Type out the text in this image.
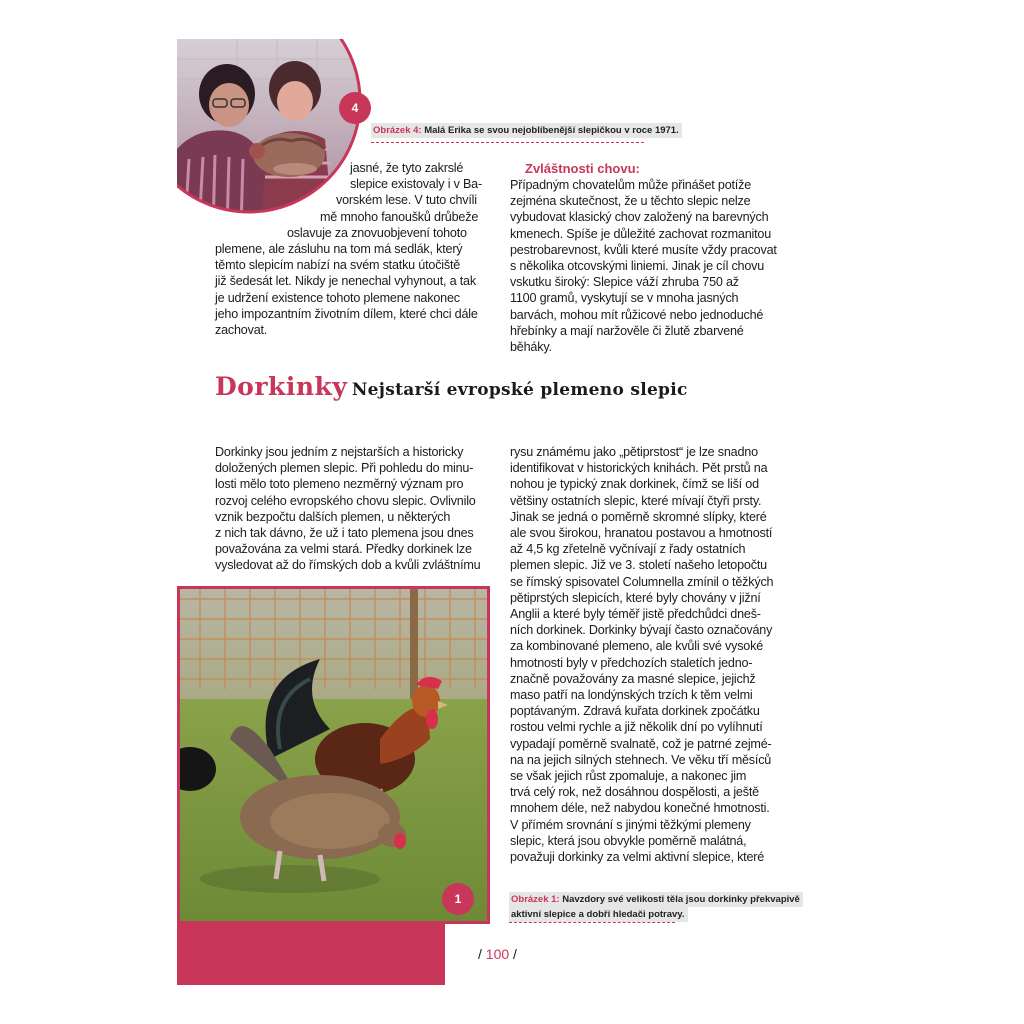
4
Obrázek 4: Malá Erika se svou nejoblíbenější slepičkou v roce 1971.

jasné, že tyto zakrslé

slepice existovaly i v Ba-

vorském lese. V tuto chvíli

mě mnoho fanoušků drůbeže

oslavuje za znovuobjevení tohoto

plemene, ale zásluhu na tom má sedlák, který

těmto slepicím nabízí na svém statku útočiště

již šedesát let. Nikdy je nenechal vyhynout, a tak

je udržení existence tohoto plemene nakonec

jeho impozantním životním dílem, které chci dále

zachovat.

Zvláštnosti chovu:

Případným chovatelům může přinášet potíže

zejména skutečnost, že u těchto slepic nelze

vybudovat klasický chov založený na barevných

kmenech. Spíše je důležité zachovat rozmanitou

pestrobarevnost, kvůli které musíte vždy pracovat

s několika otcovskými liniemi. Jinak je cíl chovu

vskutku široký: Slepice váží zhruba 750 až

1100 gramů, vyskytují se v mnoha jasných

barvách, mohou mít růžicové nebo jednoduché

hřebínky a mají naržověle či žlutě zbarvené

běháky.

Dorkinky Nejstarší evropské plemeno slepic

Dorkinky jsou jedním z nejstarších a historicky

doložených plemen slepic. Při pohledu do minu-

losti mělo toto plemeno nezměrný význam pro

rozvoj celého evropského chovu slepic. Ovlivnilo

vznik bezpočtu dalších plemen, u některých

z nich tak dávno, že už i tato plemena jsou dnes

považována za velmi stará. Předky dorkinek lze

vysledovat až do římských dob a kvůli zvláštnímu

rysu známému jako „pětiprstost“ je lze snadno

identifikovat v historických knihách. Pět prstů na

nohou je typický znak dorkinek, čímž se liší od

většiny ostatních slepic, které mívají čtyři prsty.

Jinak se jedná o poměrně skromné slípky, které

ale svou širokou, hranatou postavou a hmotností

až 4,5 kg zřetelně vyčnívají z řady ostatních

plemen slepic. Již ve 3. století našeho letopočtu

se římský spisovatel Columnella zmínil o těžkých

pětiprstých slepicích, které byly chovány v jižní

Anglii a které byly téměř jistě předchůdci dneš-

ních dorkinek. Dorkinky bývají často označovány

za kombinované plemeno, ale kvůli své vysoké

hmotnosti byly v předchozích staletích jedno-

značně považovány za masné slepice, jejichž

maso patří na londýnských trzích k těm velmi

poptávaným. Zdravá kuřata dorkinek zpočátku

rostou velmi rychle a již několik dní po vylíhnutí

vypadají poměrně svalnatě, což je patrné zejmé-

na na jejich silných stehnech. Ve věku tří měsíců

se však jejich růst zpomaluje, a nakonec jim

trvá celý rok, než dosáhnou dospělosti, a ještě

mnohem déle, než nabydou konečné hmotnosti.

V přímém srovnání s jinými těžkými plemeny

slepic, která jsou obvykle poměrně malátná,

považuji dorkinky za velmi aktivní slepice, které

1	Obrázek 1: Navzdory své velikosti těla jsou dorkinky překvapivě
aktivní slepice a dobří hledači potravy.
/ 100 /
